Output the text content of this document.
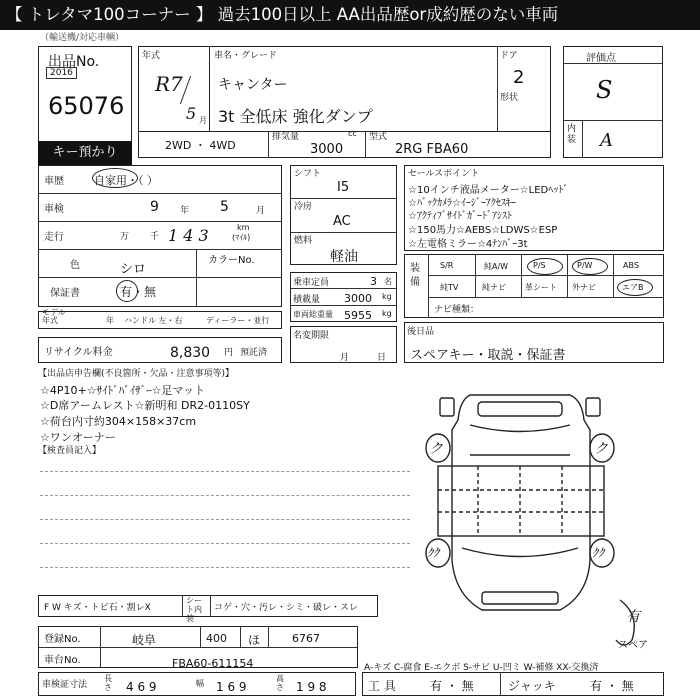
【 トレタマ100コーナー 】 過去100日以上 AA出品歴or成約歴のない車両
（輸送機/対応車輌）
出品No.
2016
65076
キー預かり
年式
R7
5 月
車名・グレード
キャンター
3t 全低床 強化ダンプ
ドア
2
形状
評価点
S
内装 A
2WD ・ 4WD
排気量	cc
3000
型式
2RG FBA60
車歴	自家用・（ ）
車検	9 年 5	月
走行	万 千 1 4 3	km
(ﾏｲﾙ)
色	シロ
カラーNo.
保証書	有・無
モデル年式	年 ハンドル 左・右	ディーラー・並行
リサイクル料金	8,830 円 預託済
シフト
I5
冷房
AC
燃料
軽油
乗車定員	3 名
積載量 3000 kg
車両総重量 5955 kg
名変期限
月	日
セールスポイント
☆10インチ液晶メーター☆LEDﾍｯﾄﾞ
☆ﾊﾞｯｸｶﾒﾗ☆ｲｰｼﾞｰｱｸｾｽｷｰ
☆ｱｸﾃｨﾌﾞｻｲﾄﾞｶﾞｰﾄﾞｱｼｽﾄ
☆150馬力☆AEBS☆LDWS☆ESP
☆左電格ミラー☆4ﾅﾝﾊﾞｰ3t
装備
S/R	純A/W	P/S	P/W	ABS
純TV	純ナビ 革シート 外ナビ	エアB
ナビ種類：
後日品
スペアキー・取説・保証書
【出品店申告欄(不良箇所・欠品・注意事項等)】
☆4P10+☆ｻｲﾄﾞﾊﾞｲｻﾞｰ☆足マット
☆D席アームレスト☆新明和 DR2-0110SY
☆荷台内寸約304×158×37cm
☆ワンオーナー
【検査員記入】	ク	ク
ｸｸ	ｸｸ
有
スペア
F W キズ・トビ石・割レX
シート内装
コゲ・穴・汚レ・シミ・破レ・スレ
登録No.	岐阜	400 ほ	6767
車台No.	FBA60-611154
車検証寸法
長さ 4 6 9	幅 1 6 9
高さ 1 9 8
A-キズ C-腐食 E-エクボ S-サビ U-凹ミ W-補修 XX-交換済
工 具	有 ・ 無	ジャッキ	有 ・ 無
